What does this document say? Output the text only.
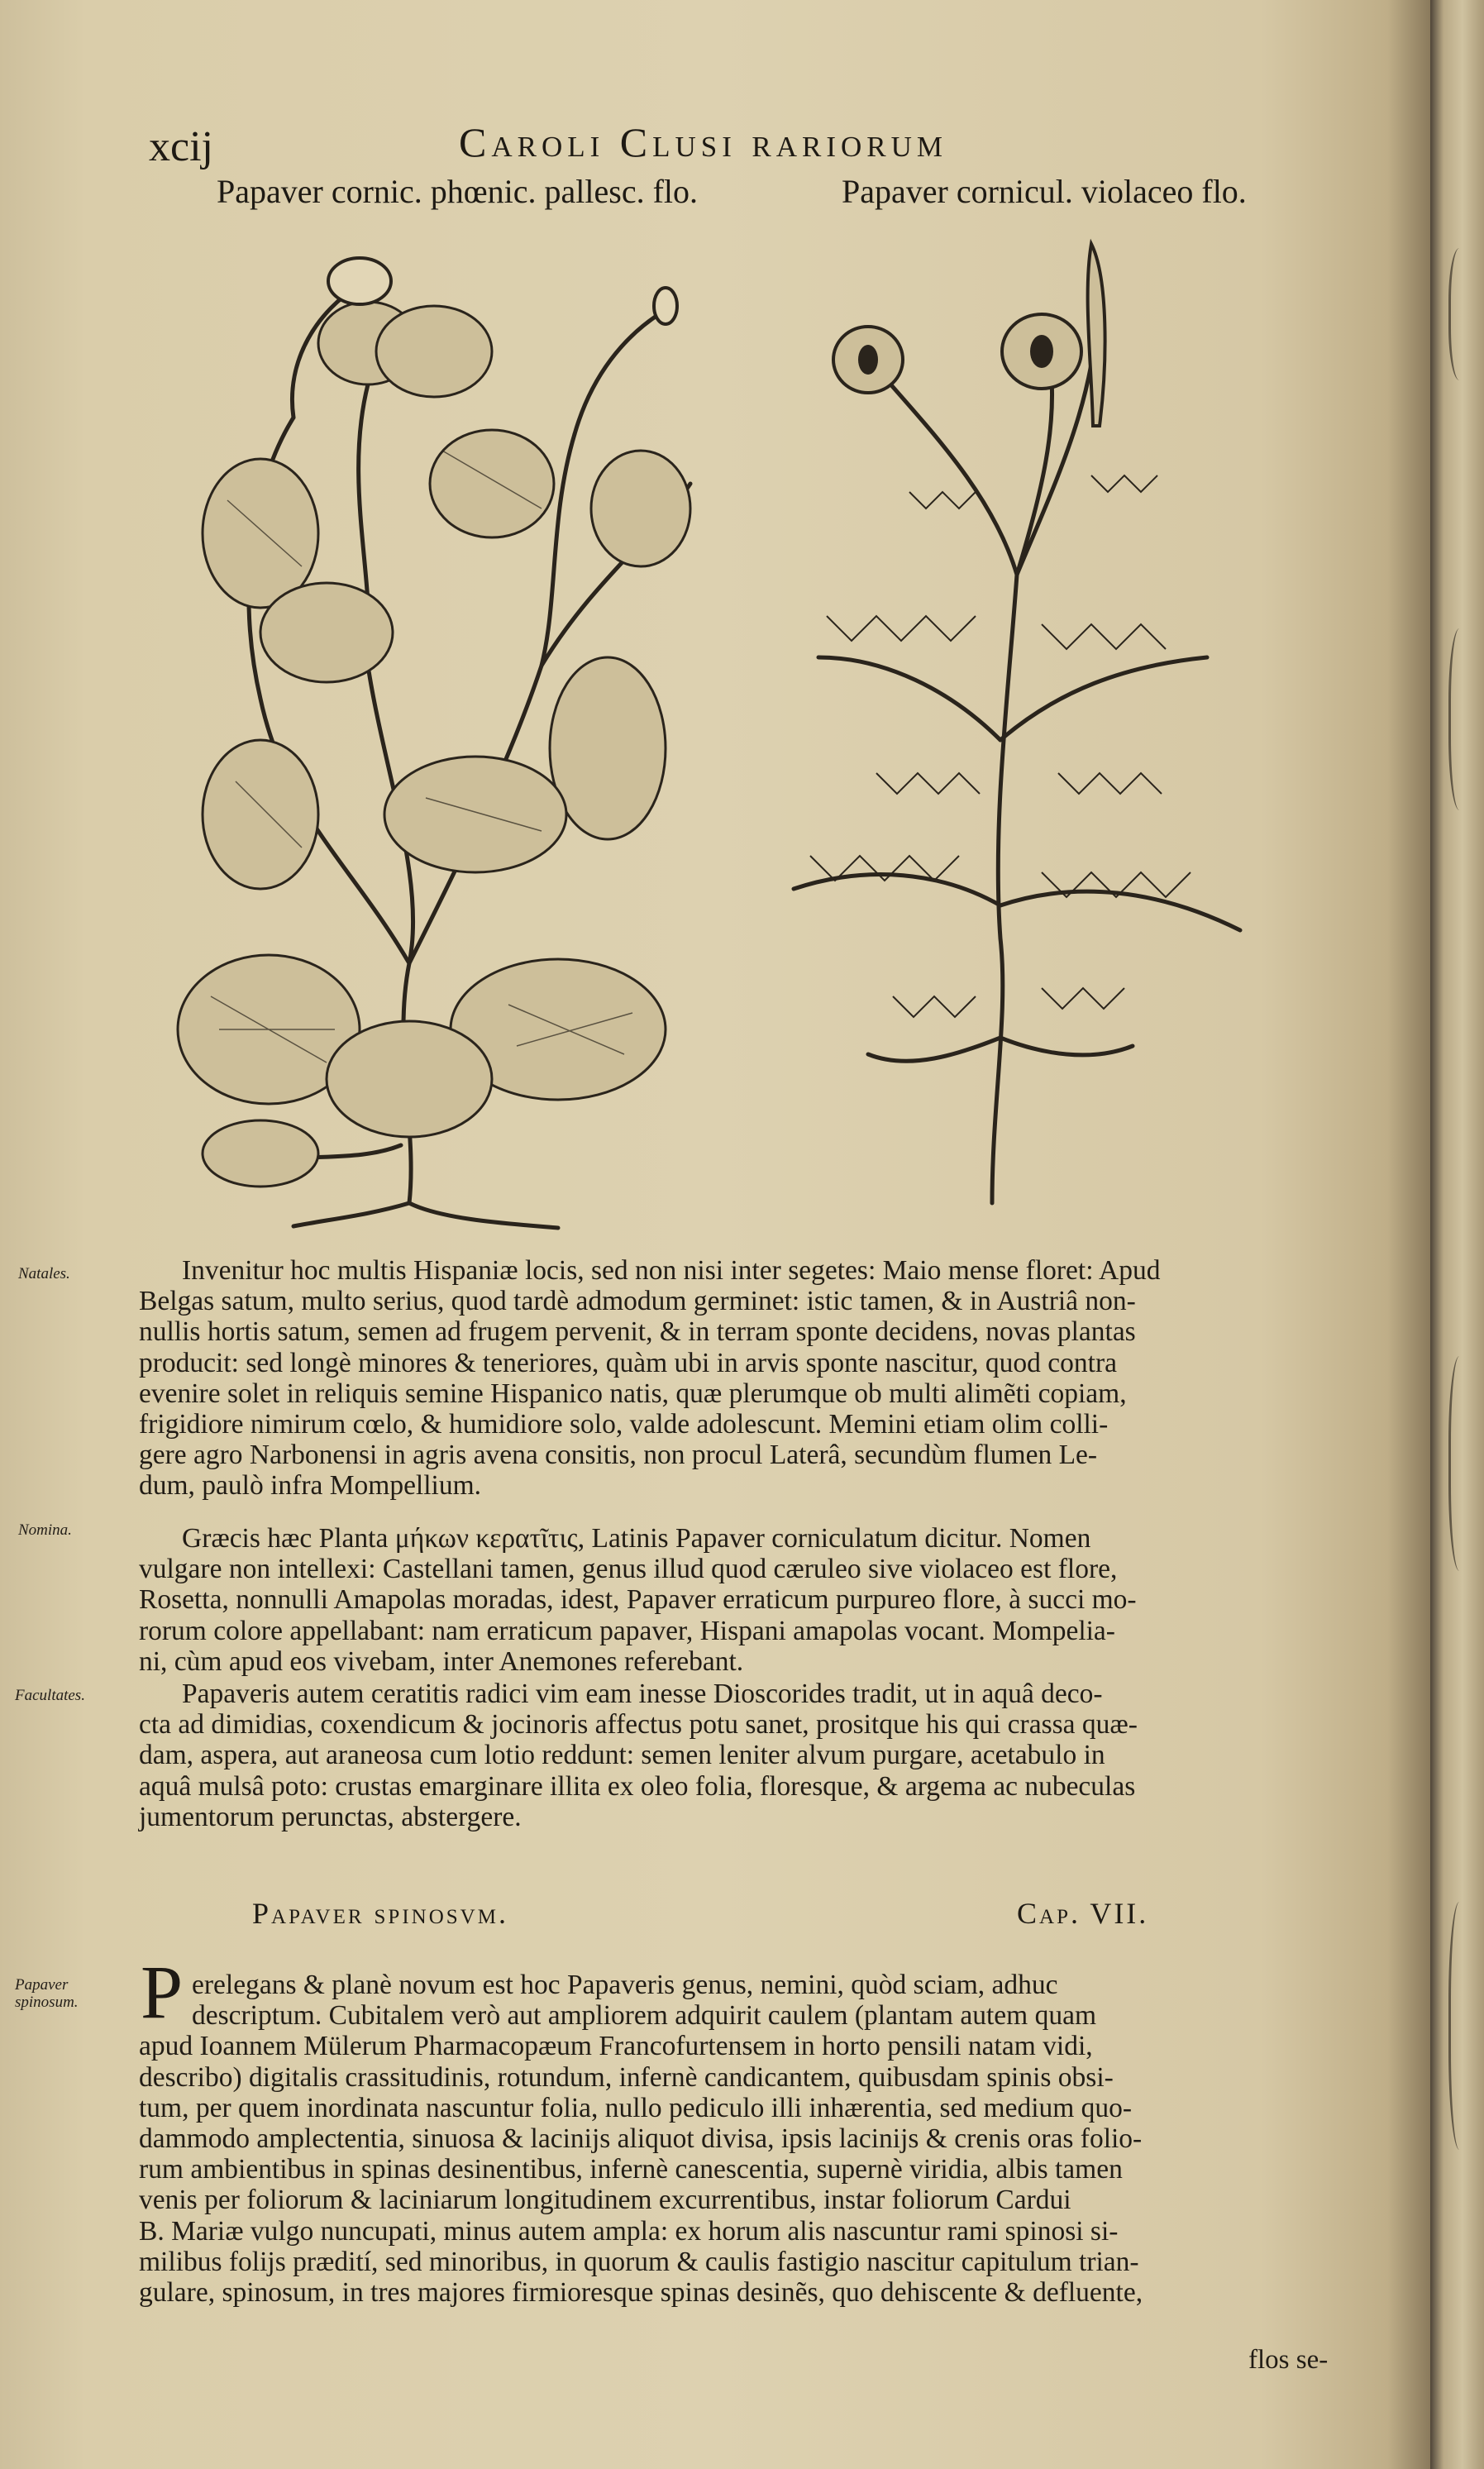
xcij	Caroli Clusi rariorum
Papaver cornic. phœnic. pallesc. flo.	Papaver cornicul. violaceo flo.
Natales.
Nomina.
Facultates.
Papaver spinosum.
Invenitur hoc multis Hispaniæ locis, sed non nisi inter segetes: Maio mense floret: Apud
Belgas satum, multo serius, quod tardè admodum germinet: istic tamen, & in Austriâ non-
nullis hortis satum, semen ad frugem pervenit, & in terram sponte decidens, novas plantas
producit: sed longè minores & teneriores, quàm ubi in arvis sponte nascitur, quod contra
evenire solet in reliquis semine Hispanico natis, quæ plerumque ob multi alimẽti copiam,
frigidiore nimirum cœlo, & humidiore solo, valde adolescunt. Memini etiam olim colli-
gere agro Narbonensi in agris avena consitis, non procul Laterâ, secundùm flumen Le-
dum, paulò infra Mompellium.
Græcis hæc Planta μήκων κερατῖτις, Latinis Papaver corniculatum dicitur. Nomen
vulgare non intellexi: Castellani tamen, genus illud quod cæruleo sive violaceo est flore,
Rosetta, nonnulli Amapolas moradas, idest, Papaver erraticum purpureo flore, à succi mo-
rorum colore appellabant: nam erraticum papaver, Hispani amapolas vocant. Mompelia-
ni, cùm apud eos vivebam, inter Anemones referebant.
Papaveris autem ceratitis radici vim eam inesse Dioscorides tradit, ut in aquâ deco-
cta ad dimidias, coxendicum & jocinoris affectus potu sanet, prositque his qui crassa quæ-
dam, aspera, aut araneosa cum lotio reddunt: semen leniter alvum purgare, acetabulo in
aquâ mulsâ poto: crustas emarginare illita ex oleo folia, floresque, & argema ac nubeculas
jumentorum perunctas, abstergere.
Papaver spinosvm.	Cap. VII.
P erelegans & planè novum est hoc Papaveris genus, nemini, quòd sciam, adhuc
descriptum. Cubitalem verò aut ampliorem adquirit caulem (plantam autem quam
apud Ioannem Mülerum Pharmacopæum Francofurtensem in horto pensili natam vidi,
describo) digitalis crassitudinis, rotundum, infernè candicantem, quibusdam spinis obsi-
tum, per quem inordinata nascuntur folia, nullo pediculo illi inhærentia, sed medium quo-
dammodo amplectentia, sinuosa & lacinijs aliquot divisa, ipsis lacinijs & crenis oras folio-
rum ambientibus in spinas desinentibus, infernè canescentia, supernè viridia, albis tamen
venis per foliorum & laciniarum longitudinem excurrentibus, instar foliorum Cardui
B. Mariæ vulgo nuncupati, minus autem ampla: ex horum alis nascuntur rami spinosi si-
milibus folijs prædití, sed minoribus, in quorum & caulis fastigio nascitur capitulum trian-
gulare, spinosum, in tres majores firmioresque spinas desinẽs, quo dehiscente & defluente,
flos se-
